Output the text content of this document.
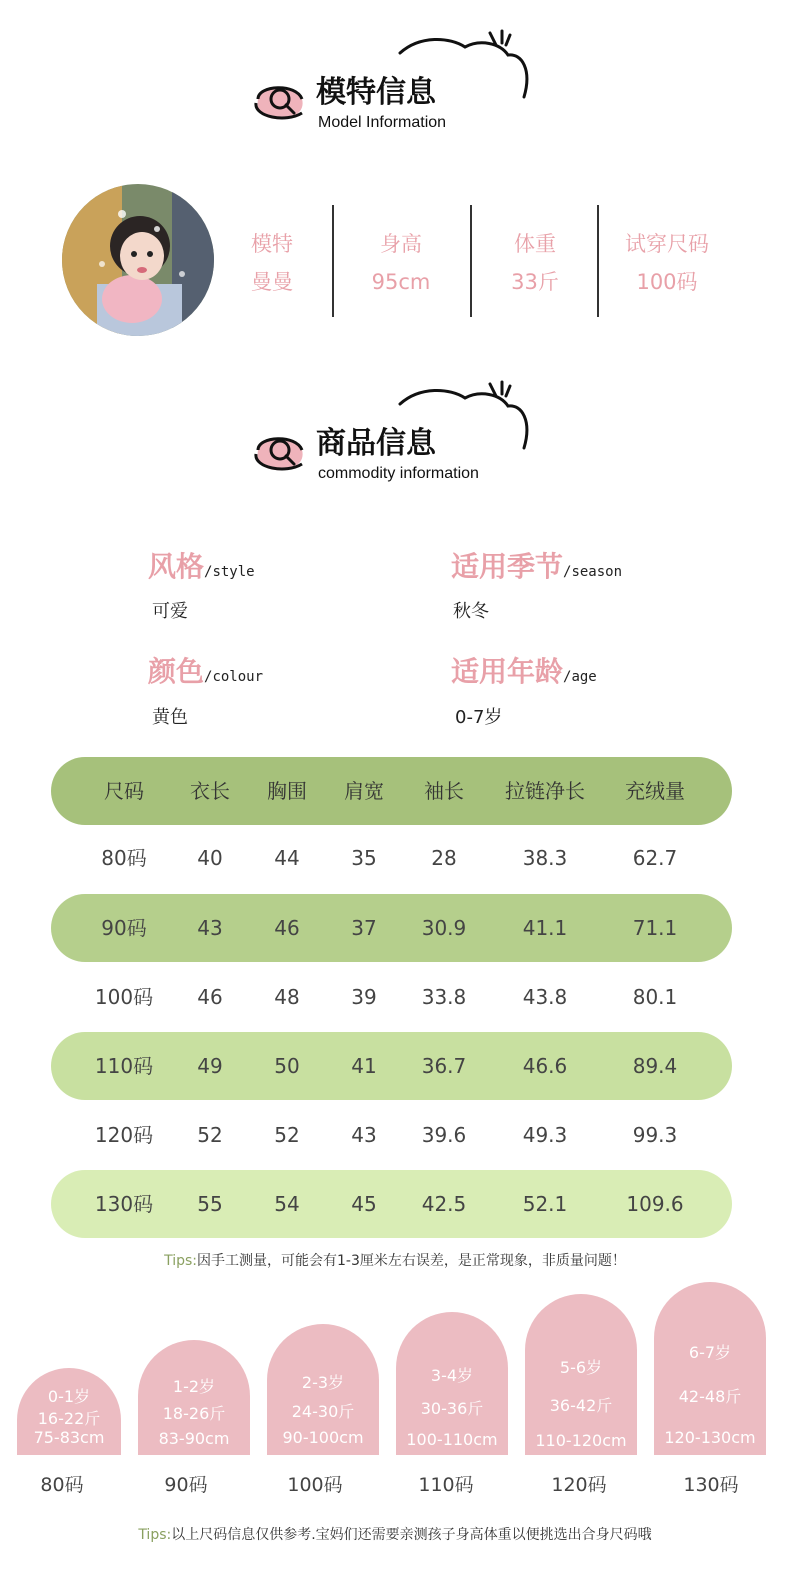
模特信息
Model Information
模特
曼曼
身高
95cm
体重
33斤
试穿尺码
100码
商品信息
commodity information
风格/style
可爱
适用季节/season
秋冬
颜色/colour
黄色
适用年龄/age
0-7岁
尺码 衣长 胸围 肩宽 袖长 拉链净长 充绒量
80码	40	44	35	28	38.3	62.7
90码	43	46	37 30.9	41.1	71.1
100码 46	48	39 33.8	43.8	80.1
110码 49	50	41 36.7	46.6	89.4
120码 52	52	43 39.6	49.3	99.3
130码 55	54	45 42.5	52.1	109.6
Tips:因手工测量，可能会有1-3厘米左右误差，是正常现象，非质量问题！
0-1岁
16-22斤
75-83cm
1-2岁
18-26斤
83-90cm
2-3岁
24-30斤
90-100cm
3-4岁
30-36斤
100-110cm
5-6岁
36-42斤
110-120cm
6-7岁
42-48斤
120-130cm
80码	90码	100码	110码	120码	130码
Tips:以上尺码信息仅供参考.宝妈们还需要亲测孩子身高体重以便挑选出合身尺码哦
